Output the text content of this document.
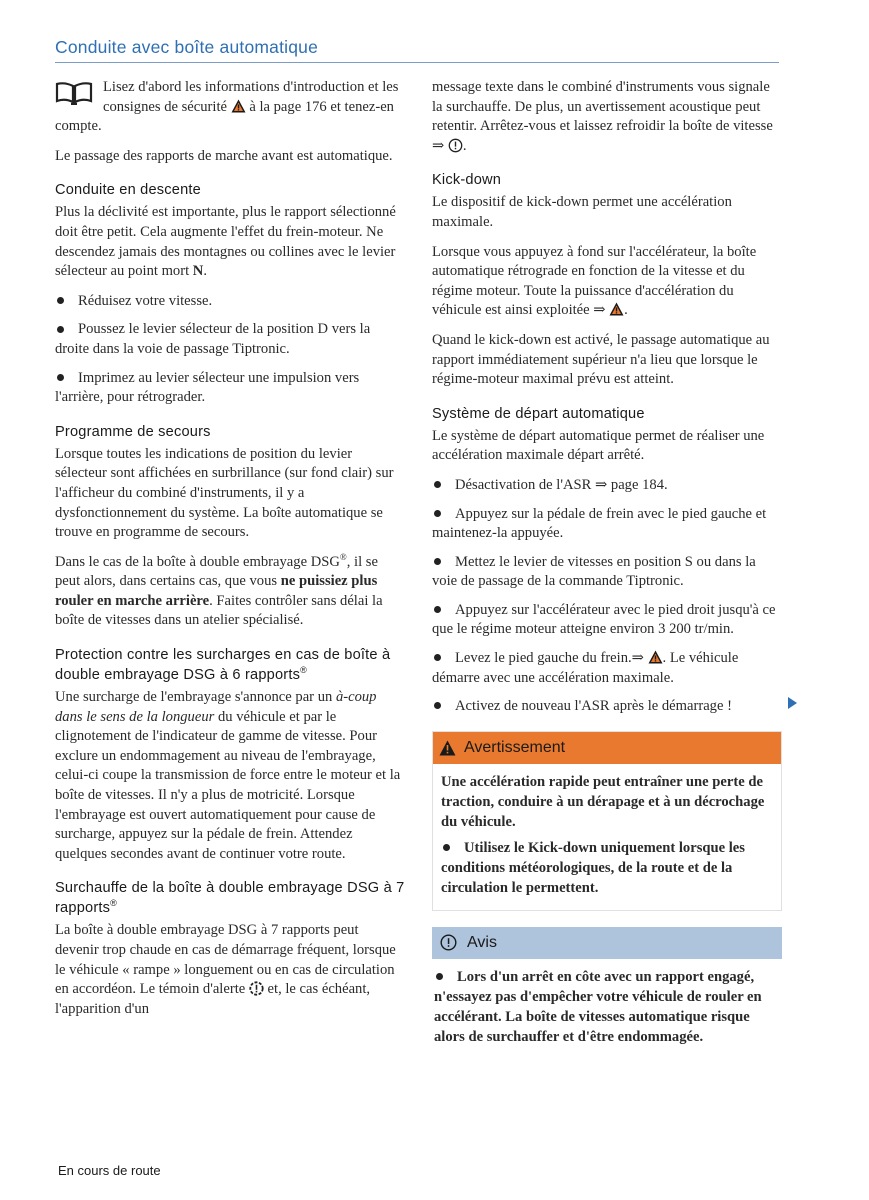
Conduite avec boîte automatique

Lisez d'abord les informations d'introduction et les consignes de sécurité à la page 176 et tenez-en compte.

Le passage des rapports de marche avant est automatique.

Conduite en descente

Plus la déclivité est importante, plus le rapport sélectionné doit être petit. Cela augmente l'effet du frein-moteur. Ne descendez jamais des montagnes ou collines avec le levier sélecteur au point mort N.

Réduisez votre vitesse.

Poussez le levier sélecteur de la position D vers la droite dans la voie de passage Tiptronic.

Imprimez au levier sélecteur une impulsion vers l'arrière, pour rétrograder.

Programme de secours

Lorsque toutes les indications de position du levier sélecteur sont affichées en surbrillance (sur fond clair) sur l'afficheur du combiné d'instruments, il y a dysfonctionnement du système. La boîte automatique se trouve en programme de secours.

Dans le cas de la boîte à double embrayage DSG®, il se peut alors, dans certains cas, que vous ne puissiez plus rouler en marche arrière. Faites contrôler sans délai la boîte de vitesses dans un atelier spécialisé.

Protection contre les surcharges en cas de boîte à double embrayage DSG à 6 rapports®

Une surcharge de l'embrayage s'annonce par un à-coup dans le sens de la longueur du véhicule et par le clignotement de l'indicateur de gamme de vitesse. Pour exclure un endommagement au niveau de l'embrayage, celui-ci coupe la transmission de force entre le moteur et la boîte de vitesses. Il n'y a plus de motricité. Lorsque l'embrayage est ouvert automatiquement pour cause de surcharge, appuyez sur la pédale de frein. Attendez quelques secondes avant de continuer votre route.

Surchauffe de la boîte à double embrayage DSG à 7 rapports®

La boîte à double embrayage DSG à 7 rapports peut devenir trop chaude en cas de démarrage fréquent, lorsque le véhicule « rampe » longuement ou en cas de circulation en accordéon. Le témoin d'alerte et, le cas échéant, l'apparition d'un

message texte dans le combiné d'instruments vous signale la surchauffe. De plus, un avertissement acoustique peut retentir. Arrêtez-vous et laissez refroidir la boîte de vitesse ⇒ .

Kick-down

Le dispositif de kick-down permet une accélération maximale.

Lorsque vous appuyez à fond sur l'accélérateur, la boîte automatique rétrograde en fonction de la vitesse et du régime moteur. Toute la puissance d'accélération du véhicule est ainsi exploitée ⇒ .

Quand le kick-down est activé, le passage automatique au rapport immédiatement supérieur n'a lieu que lorsque le régime-moteur maximal prévu est atteint.

Système de départ automatique

Le système de départ automatique permet de réaliser une accélération maximale départ arrêté.

Désactivation de l'ASR ⇒ page 184.

Appuyez sur la pédale de frein avec le pied gauche et maintenez-la appuyée.

Mettez le levier de vitesses en position S ou dans la voie de passage de la commande Tiptronic.

Appuyez sur l'accélérateur avec le pied droit jusqu'à ce que le régime moteur atteigne environ 3 200 tr/min.

Levez le pied gauche du frein.⇒ . Le véhicule démarre avec une accélération maximale.

Activez de nouveau l'ASR après le démarrage !

Avertissement

Une accélération rapide peut entraîner une perte de traction, conduire à un dérapage et à un décrochage du véhicule.

Utilisez le Kick-down uniquement lorsque les conditions météorologiques, de la route et de la circulation le permettent.

Avis

Lors d'un arrêt en côte avec un rapport engagé, n'essayez pas d'empêcher votre véhicule de rouler en accélérant. La boîte de vitesses automatique risque alors de surchauffer et d'être endommagée.

En cours de route
